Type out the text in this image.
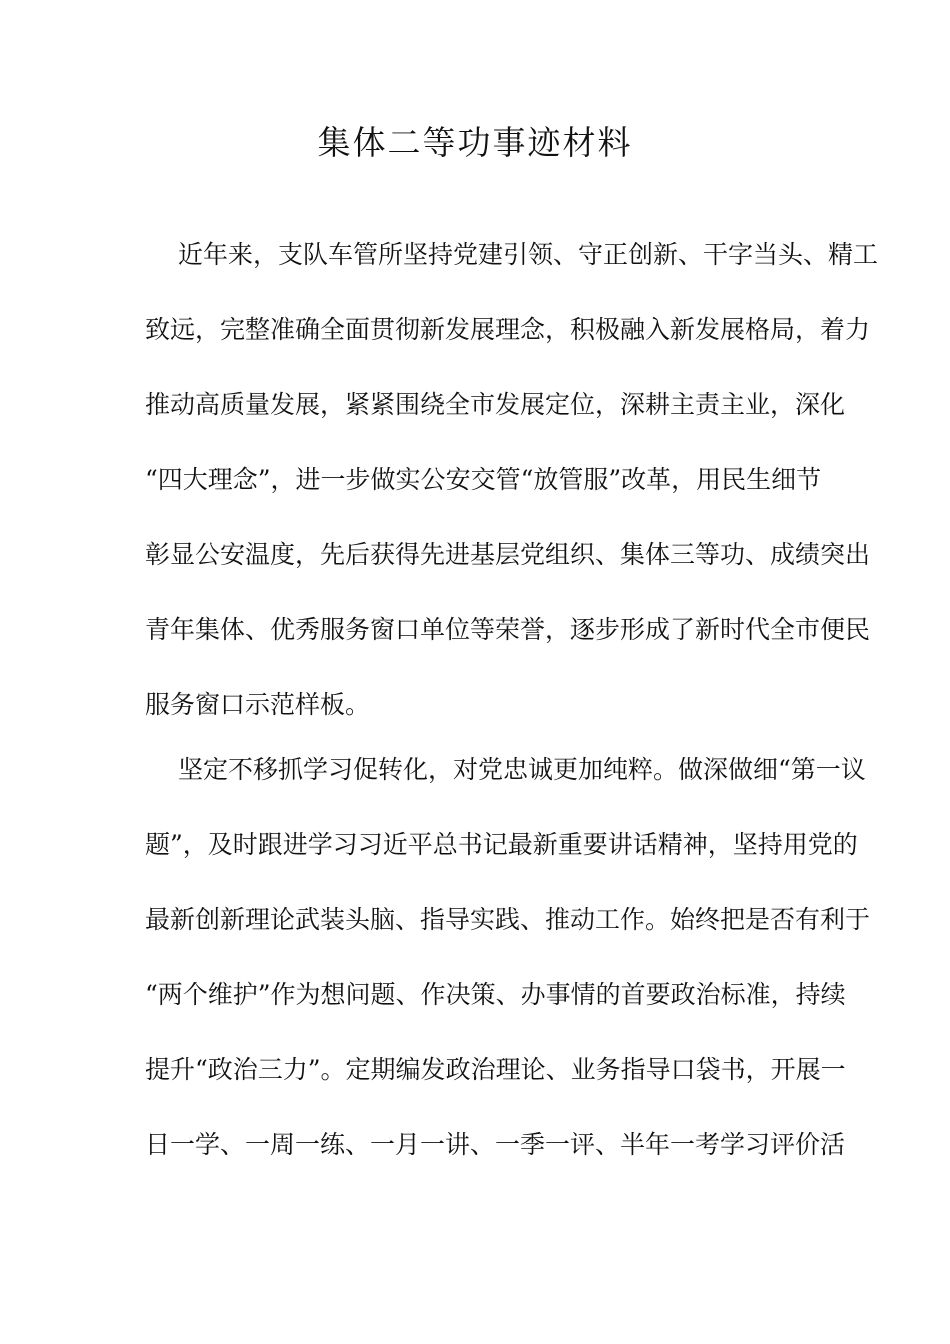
集体二等功事迹材料
近年来，支队车管所坚持党建引领、守正创新、干字当头、精工
致远，完整准确全面贯彻新发展理念，积极融入新发展格局，着力
推动高质量发展，紧紧围绕全市发展定位，深耕主责主业，深化
“四大理念”，进一步做实公安交管“放管服”改革，用民生细节
彰显公安温度，先后获得先进基层党组织、集体三等功、成绩突出
青年集体、优秀服务窗口单位等荣誉，逐步形成了新时代全市便民
服务窗口示范样板。
坚定不移抓学习促转化，对党忠诚更加纯粹。做深做细“第一议
题”，及时跟进学习习近平总书记最新重要讲话精神，坚持用党的
最新创新理论武装头脑、指导实践、推动工作。始终把是否有利于
“两个维护”作为想问题、作决策、办事情的首要政治标准，持续
提升“政治三力”。定期编发政治理论、业务指导口袋书，开展一
日一学、一周一练、一月一讲、一季一评、半年一考学习评价活
